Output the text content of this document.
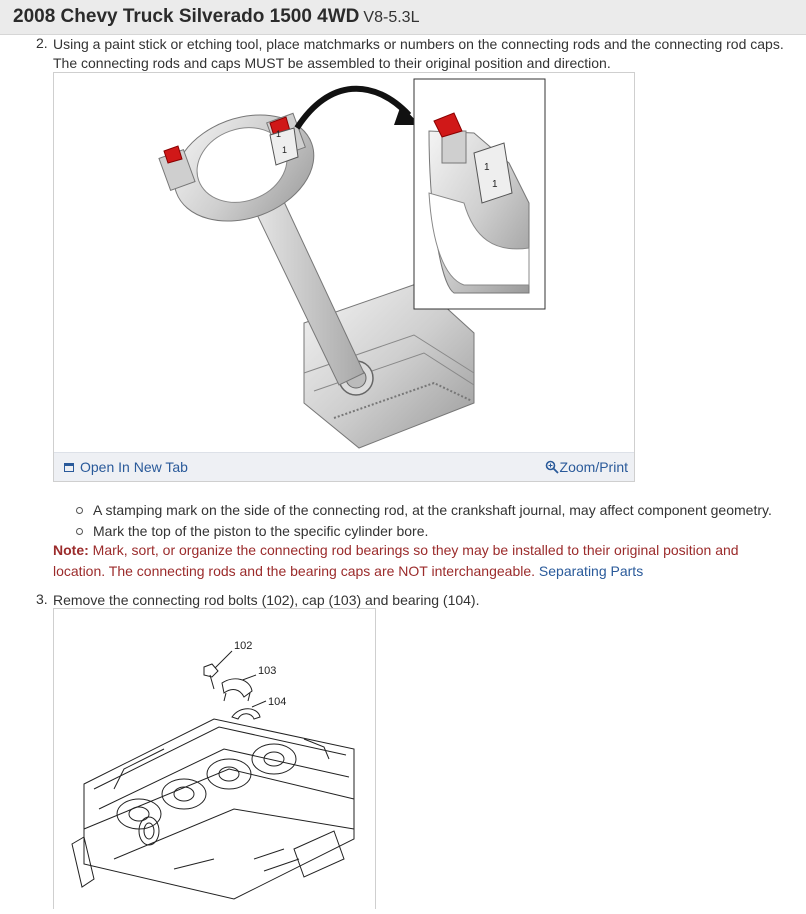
2008 Chevy Truck Silverado 1500 4WD V8-5.3L
2. Using a paint stick or etching tool, place matchmarks or numbers on the connecting rods and the connecting rod caps.
The connecting rods and caps MUST be assembled to their original position and direction.
1
1
1
1
Open In New Tab	Zoom/Print
A stamping mark on the side of the connecting rod, at the crankshaft journal, may affect component geometry.
Mark the top of the piston to the specific cylinder bore.
Note: Mark, sort, or organize the connecting rod bearings so they may be installed to their original position and
location. The connecting rods and the bearing caps are NOT interchangeable. Separating Parts
3. Remove the connecting rod bolts (102), cap (103) and bearing (104).
102
103
104
